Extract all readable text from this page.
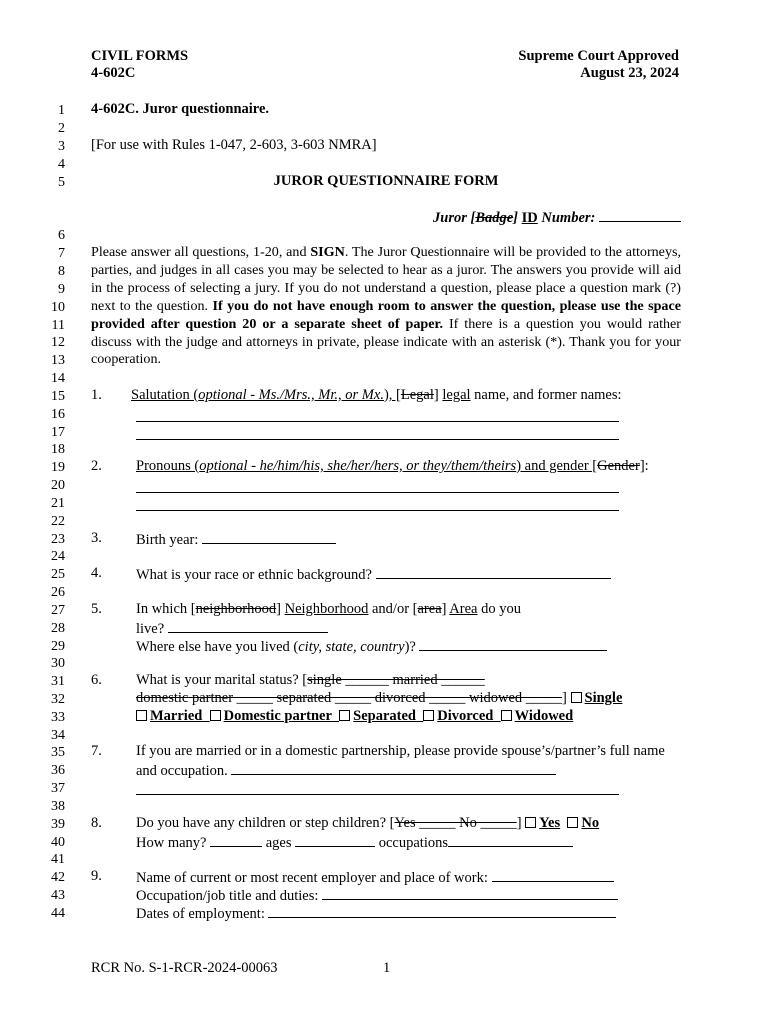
CIVIL FORMS
4-602C
Supreme Court Approved
August 23, 2024
1
2
3
4
5
6
7
8
9
10
11
12
13
14
15
16
17
18
19
20
21
22
23
24
25
26
27
28
29
30
31
32
33
34
35
36
37
38
39
40
41
42
43
44
4-602C. Juror questionnaire.
[For use with Rules 1-047, 2-603, 3-603 NMRA]
JUROR QUESTIONNAIRE FORM
Juror [Badge] ID Number:
Please answer all questions, 1-20, and SIGN. The Juror Questionnaire will be provided to the attorneys, parties, and judges in all cases you may be selected to hear as a juror. The answers you provide will aid in the process of selecting a jury. If you do not understand a question, please place a question mark (?) next to the question. If you do not have enough room to answer the question, please use the space provided after question 20 or a separate sheet of paper. If there is a question you would rather discuss with the judge and attorneys in private, please indicate with an asterisk (*). Thank you for your cooperation.
1. Salutation (optional - Ms./Mrs., Mr., or Mx.), [Legal] legal name, and former names:
2. Pronouns (optional - he/him/his, she/her/hers, or they/them/theirs) and gender [Gender]:
3. Birth year:
4. What is your race or ethnic background?
5. In which [neighborhood] Neighborhood and/or [area] Area do you
live?
Where else have you lived (city, state, country)?
6. What is your marital status? [single ______ married ______
domestic partner _____ separated _____ divorced _____ widowed _____] Single
Married Domestic partner Separated Divorced Widowed
7. If you are married or in a domestic partnership, please provide spouse’s/partner’s full name
and occupation.
8. Do you have any children or step children? [Yes _____ No _____] Yes No
How many?	ages	occupations
9. Name of current or most recent employer and place of work:
Occupation/job title and duties:
Dates of employment:
RCR No. S-1-RCR-2024-00063	1
